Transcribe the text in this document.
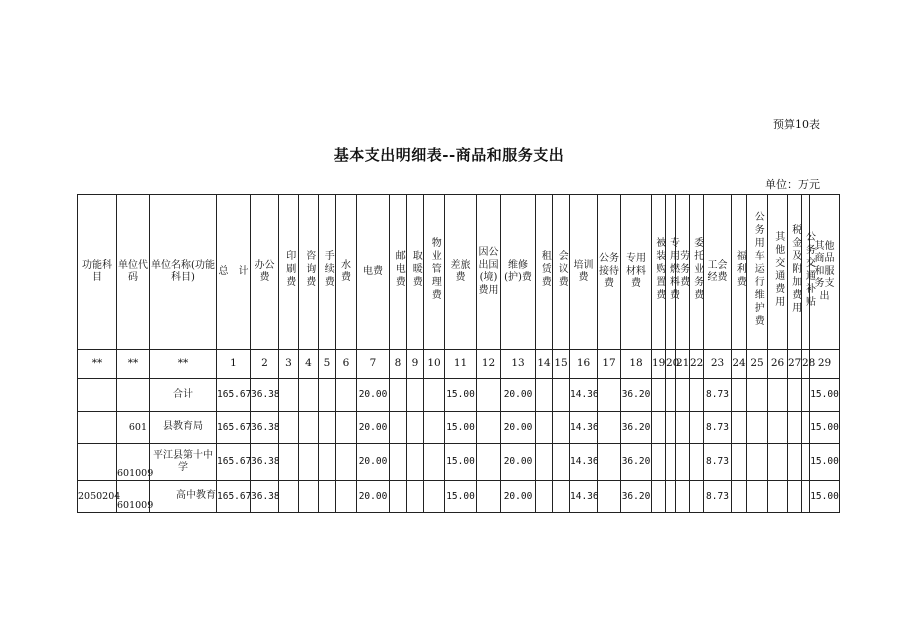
预算10表
基本支出明细表--商品和服务支出
单位：万元
功能科目	单位代码	单位名称(功能科目)	总　计	办公费	印刷费	咨询费	手续费	水费	电费	邮电费	取暖费	物业管理费	差旅费	因公出国(境)费用	维修(护)费	租赁费	会议费	培训费	公务接待费	专用材料费	被装购置费	专用燃料费	劳务费	委托业务费	工会经费	福利费	公务用车运行维护费	其他交通费用	税金及附加费用	公务交通补贴	其他商品和服务支出
**	**	**	1	2	3	4	5	6	7	8	9	10	11	12	13	14	15	16	17	18	19	20	21	22	23	24	25	26	27	28	29
		合计	165.67	36.38					20.00				15.00		20.00			14.36		36.20					8.73						15.00
	601	县教育局	165.67	36.38					20.00				15.00		20.00			14.36		36.20					8.73						15.00
	601009	平江县第十中学	165.67	36.38					20.00				15.00		20.00			14.36		36.20					8.73						15.00
2050204	601009	高中教育	165.67	36.38					20.00				15.00		20.00			14.36		36.20					8.73						15.00
